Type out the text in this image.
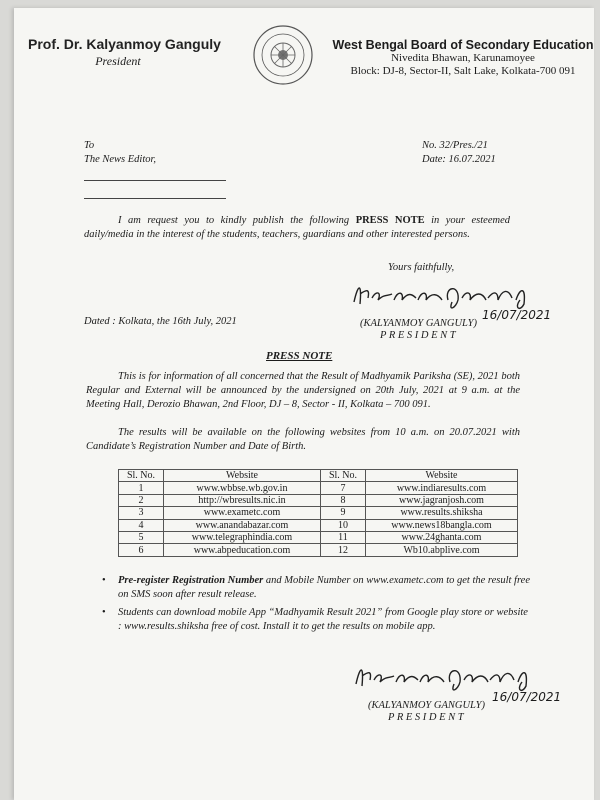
Prof. Dr. Kalyanmoy Ganguly
President
West Bengal Board of Secondary Education
Nivedita Bhawan, Karunamoyee
Block: DJ-8, Sector-II, Salt Lake, Kolkata-700 091
To
The News Editor,
No. 32/Pres./21
Date: 16.07.2021
I am request you to kindly publish the following PRESS NOTE in your esteemed daily/media in the interest of the students, teachers, guardians and other interested persons.
Yours faithfully,
Dated : Kolkata, the 16th July, 2021	(KALYANMOY GANGULY)
P R E S I D E N T
16/07/2021
PRESS NOTE
This is for information of all concerned that the Result of Madhyamik Pariksha (SE), 2021 both Regular and External will be announced by the undersigned on 20th July, 2021 at 9 a.m. at the Meeting Hall, Derozio Bhawan, 2nd Floor, DJ – 8, Sector - II, Kolkata – 700 091.
The results will be available on the following websites from 10 a.m. on 20.07.2021 with Candidate’s Registration Number and Date of Birth.
Sl. No.	Website	Sl. No.	Website
1	www.wbbse.wb.gov.in	7	www.indiaresults.com
2	http://wbresults.nic.in	8	www.jagranjosh.com
3	www.exametc.com	9	www.results.shiksha
4	www.anandabazar.com	10	www.news18bangla.com
5	www.telegraphindia.com	11	www.24ghanta.com
6	www.abpeducation.com	12	Wb10.abplive.com
• Pre-register Registration Number and Mobile Number on www.exametc.com to get the result free on SMS soon after result release.
• Students can download mobile App “Madhyamik Result 2021” from Google play store or website : www.results.shiksha free of cost. Install it to get the results on mobile app.
(KALYANMOY GANGULY)
P R E S I D E N T
16/07/2021
